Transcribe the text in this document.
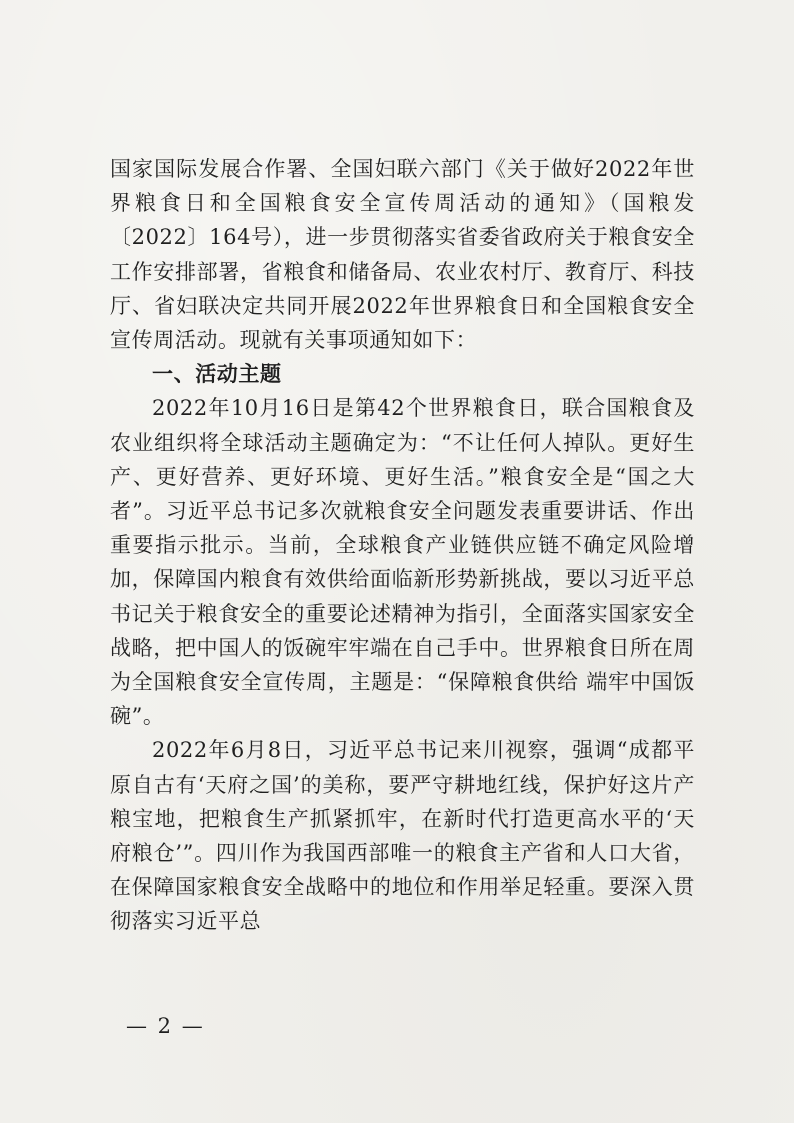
国家国际发展合作署、全国妇联六部门《关于做好2022年世界粮食日和全国粮食安全宣传周活动的通知》（国粮发〔2022〕164号），进一步贯彻落实省委省政府关于粮食安全工作安排部署，省粮食和储备局、农业农村厅、教育厅、科技厅、省妇联决定共同开展2022年世界粮食日和全国粮食安全宣传周活动。现就有关事项通知如下：

一、活动主题

2022年10月16日是第42个世界粮食日，联合国粮食及农业组织将全球活动主题确定为：“不让任何人掉队。更好生产、更好营养、更好环境、更好生活。”粮食安全是“国之大者”。习近平总书记多次就粮食安全问题发表重要讲话、作出重要指示批示。当前，全球粮食产业链供应链不确定风险增加，保障国内粮食有效供给面临新形势新挑战，要以习近平总书记关于粮食安全的重要论述精神为指引，全面落实国家安全战略，把中国人的饭碗牢牢端在自己手中。世界粮食日所在周为全国粮食安全宣传周，主题是：“保障粮食供给 端牢中国饭碗”。

2022年6月8日，习近平总书记来川视察，强调“成都平原自古有‘天府之国’的美称，要严守耕地红线，保护好这片产粮宝地，把粮食生产抓紧抓牢，在新时代打造更高水平的‘天府粮仓’”。四川作为我国西部唯一的粮食主产省和人口大省，在保障国家粮食安全战略中的地位和作用举足轻重。要深入贯彻落实习近平总

— 2 —
